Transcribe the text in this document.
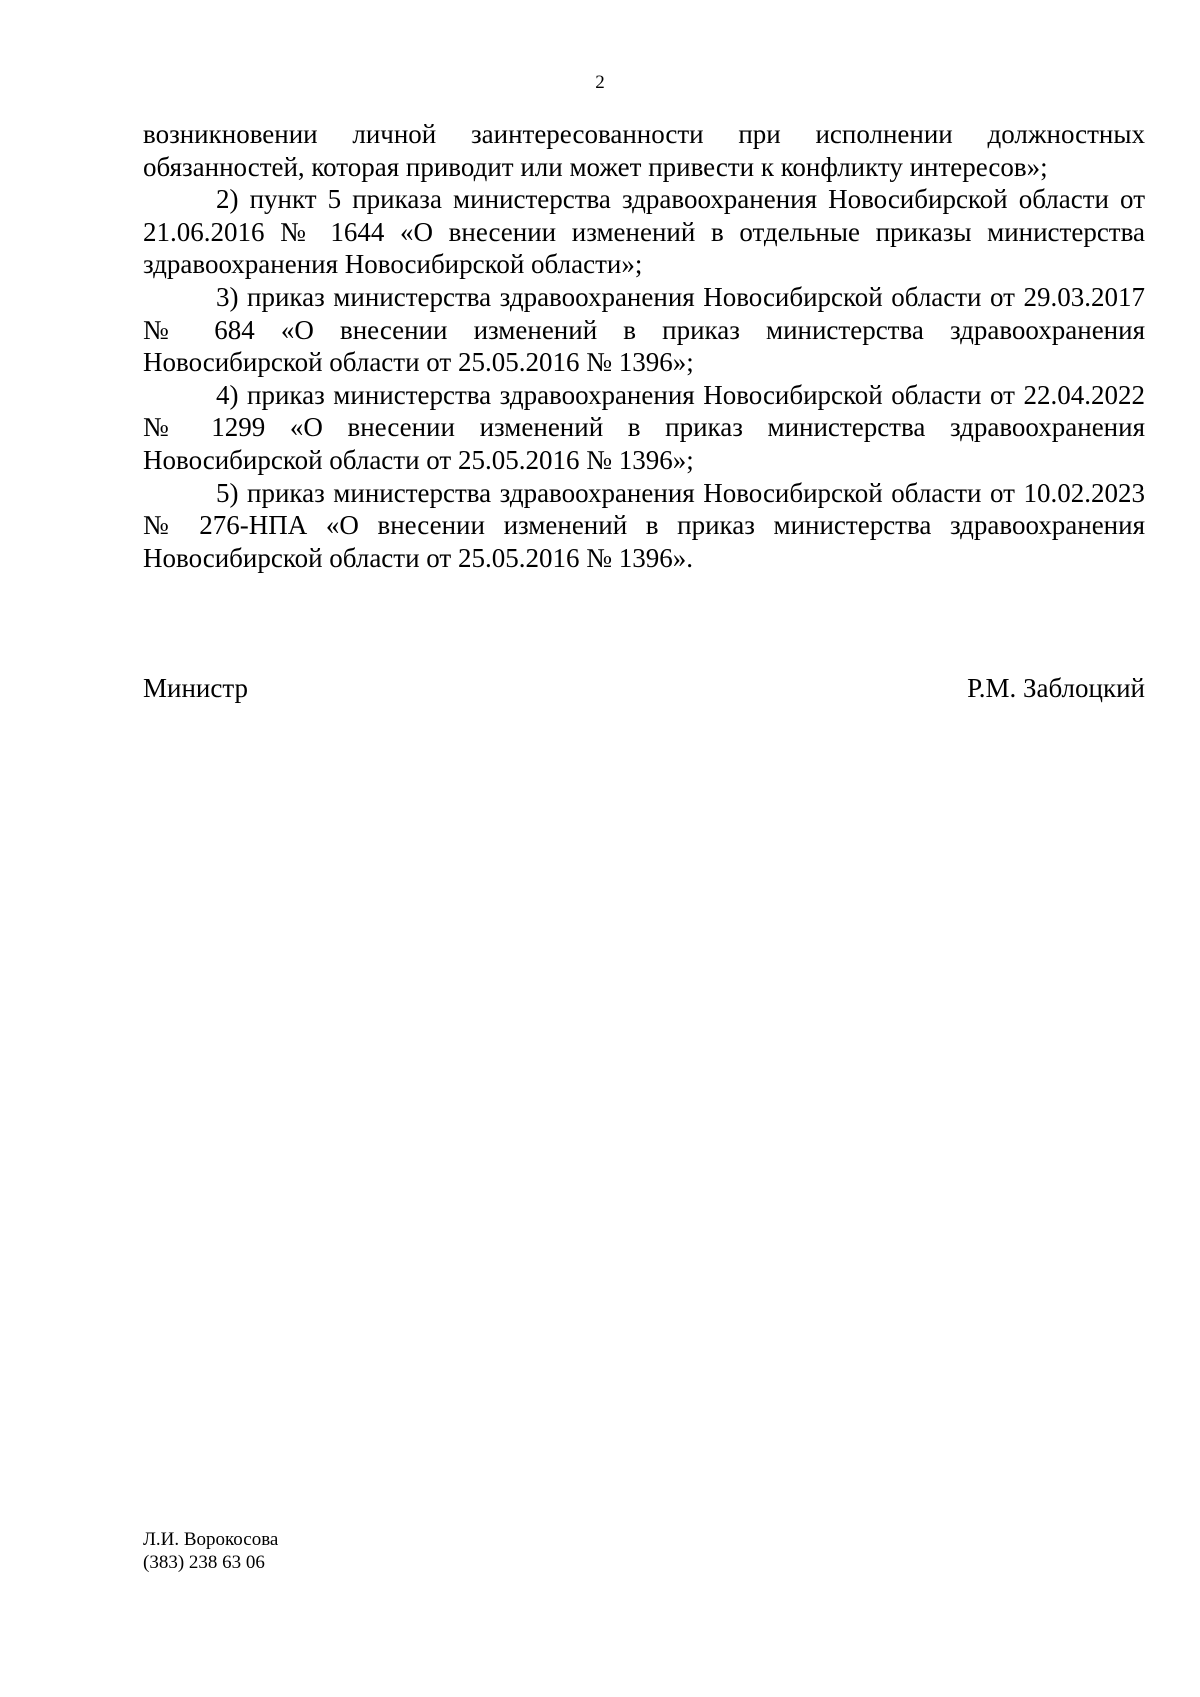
2

возникновении личной заинтересованности при исполнении должностных обязанностей, которая приводит или может привести к конфликту интересов»;

2) пункт 5 приказа министерства здравоохранения Новосибирской области от 21.06.2016 № 1644 «О внесении изменений в отдельные приказы министерства здравоохранения Новосибирской области»;

3) приказ министерства здравоохранения Новосибирской области от 29.03.2017 № 684 «О внесении изменений в приказ министерства здравоохранения Новосибирской области от 25.05.2016 № 1396»;

4) приказ министерства здравоохранения Новосибирской области от 22.04.2022 № 1299 «О внесении изменений в приказ министерства здравоохранения Новосибирской области от 25.05.2016 № 1396»;

5) приказ министерства здравоохранения Новосибирской области от 10.02.2023 № 276-НПА «О внесении изменений в приказ министерства здравоохранения Новосибирской области от 25.05.2016 № 1396».

Министр	Р.М. Заблоцкий
Л.И. Ворокосова
(383) 238 63 06
